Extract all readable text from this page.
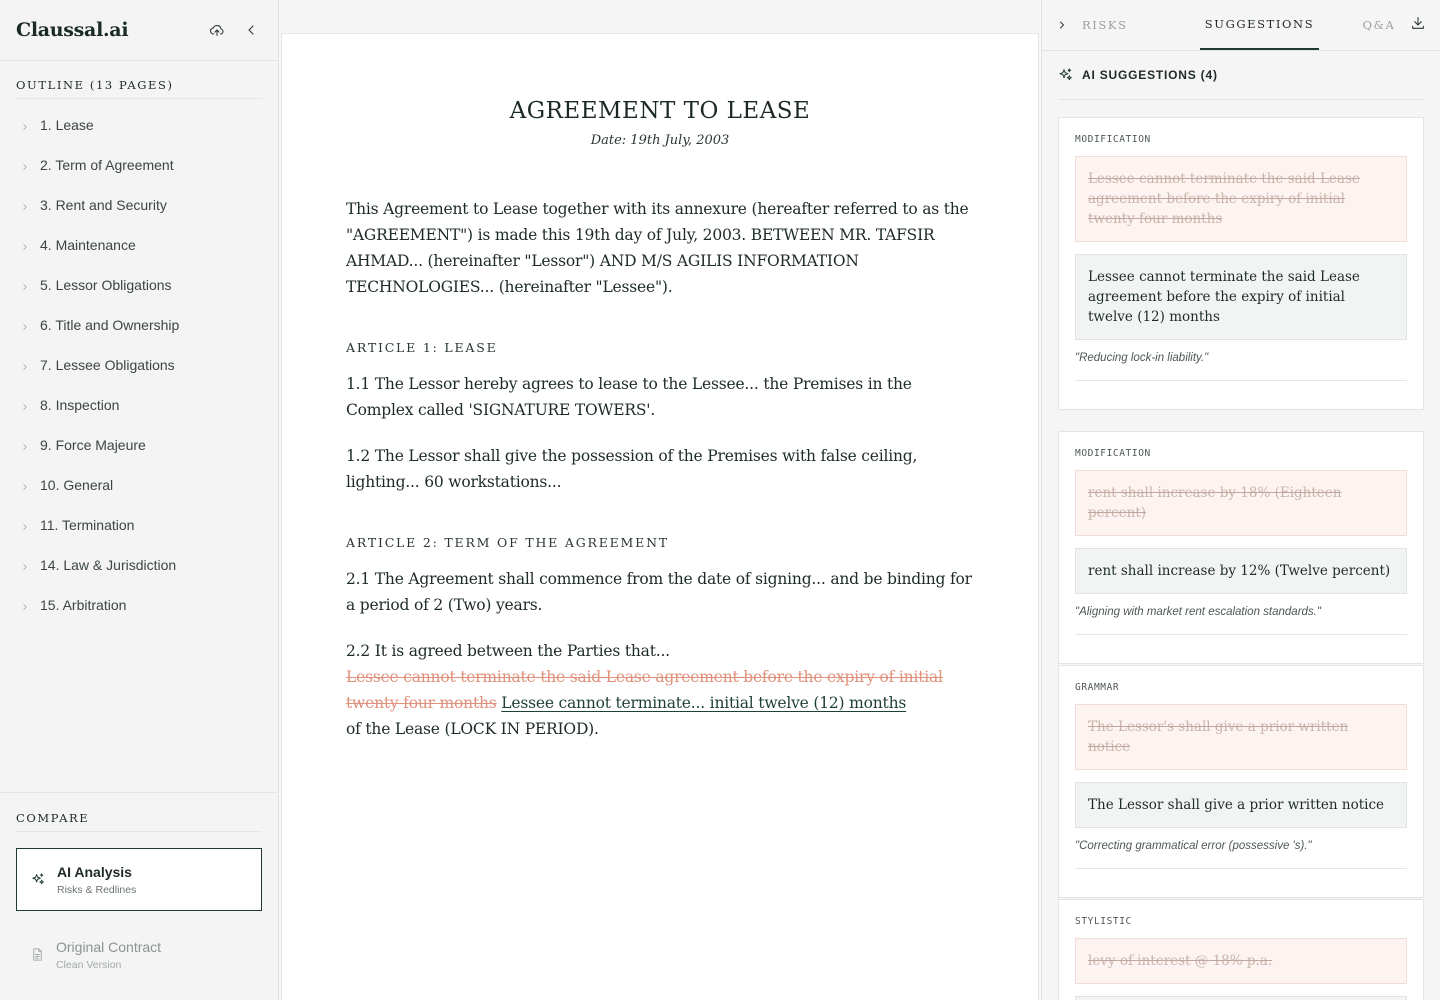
Claussal.ai
OUTLINE (13 PAGES)
1. Lease
2. Term of Agreement
3. Rent and Security
4. Maintenance
5. Lessor Obligations
6. Title and Ownership
7. Lessee Obligations
8. Inspection
9. Force Majeure
10. General
11. Termination
14. Law & Jurisdiction
15. Arbitration
COMPARE
AI Analysis
Risks & Redlines
Original Contract
Clean Version
AGREEMENT TO LEASE
Date: 19th July, 2003

This Agreement to Lease together with its annexure (hereafter referred to as the "AGREEMENT") is made this 19th day of July, 2003. BETWEEN MR. TAFSIR AHMAD... (hereinafter "Lessor") AND M/S AGILIS INFORMATION TECHNOLOGIES... (hereinafter "Lessee").

ARTICLE 1: LEASE

1.1 The Lessor hereby agrees to lease to the Lessee... the Premises in the Complex called 'SIGNATURE TOWERS'.

1.2 The Lessor shall give the possession of the Premises with false ceiling, lighting... 60 workstations...

ARTICLE 2: TERM OF THE AGREEMENT

2.1 The Agreement shall commence from the date of signing... and be binding for a period of 2 (Two) years.

2.2 It is agreed between the Parties that...
Lessee cannot terminate the said Lease agreement before the expiry of initial twenty four months Lessee cannot terminate... initial twelve (12) months
of the Lease (LOCK IN PERIOD).

RISKS	SUGGESTIONS	Q&A
AI SUGGESTIONS (4)
MODIFICATION
Lessee cannot terminate the said Lease agreement before the expiry of initial twenty four months
Lessee cannot terminate the said Lease agreement before the expiry of initial twelve (12) months
"Reducing lock-in liability."
MODIFICATION
rent shall increase by 18% (Eighteen percent)
rent shall increase by 12% (Twelve percent)
"Aligning with market rent escalation standards."
GRAMMAR
The Lessor's shall give a prior written notice
The Lessor shall give a prior written notice
"Correcting grammatical error (possessive 's)."
STYLISTIC
levy of interest @ 18% p.a.
